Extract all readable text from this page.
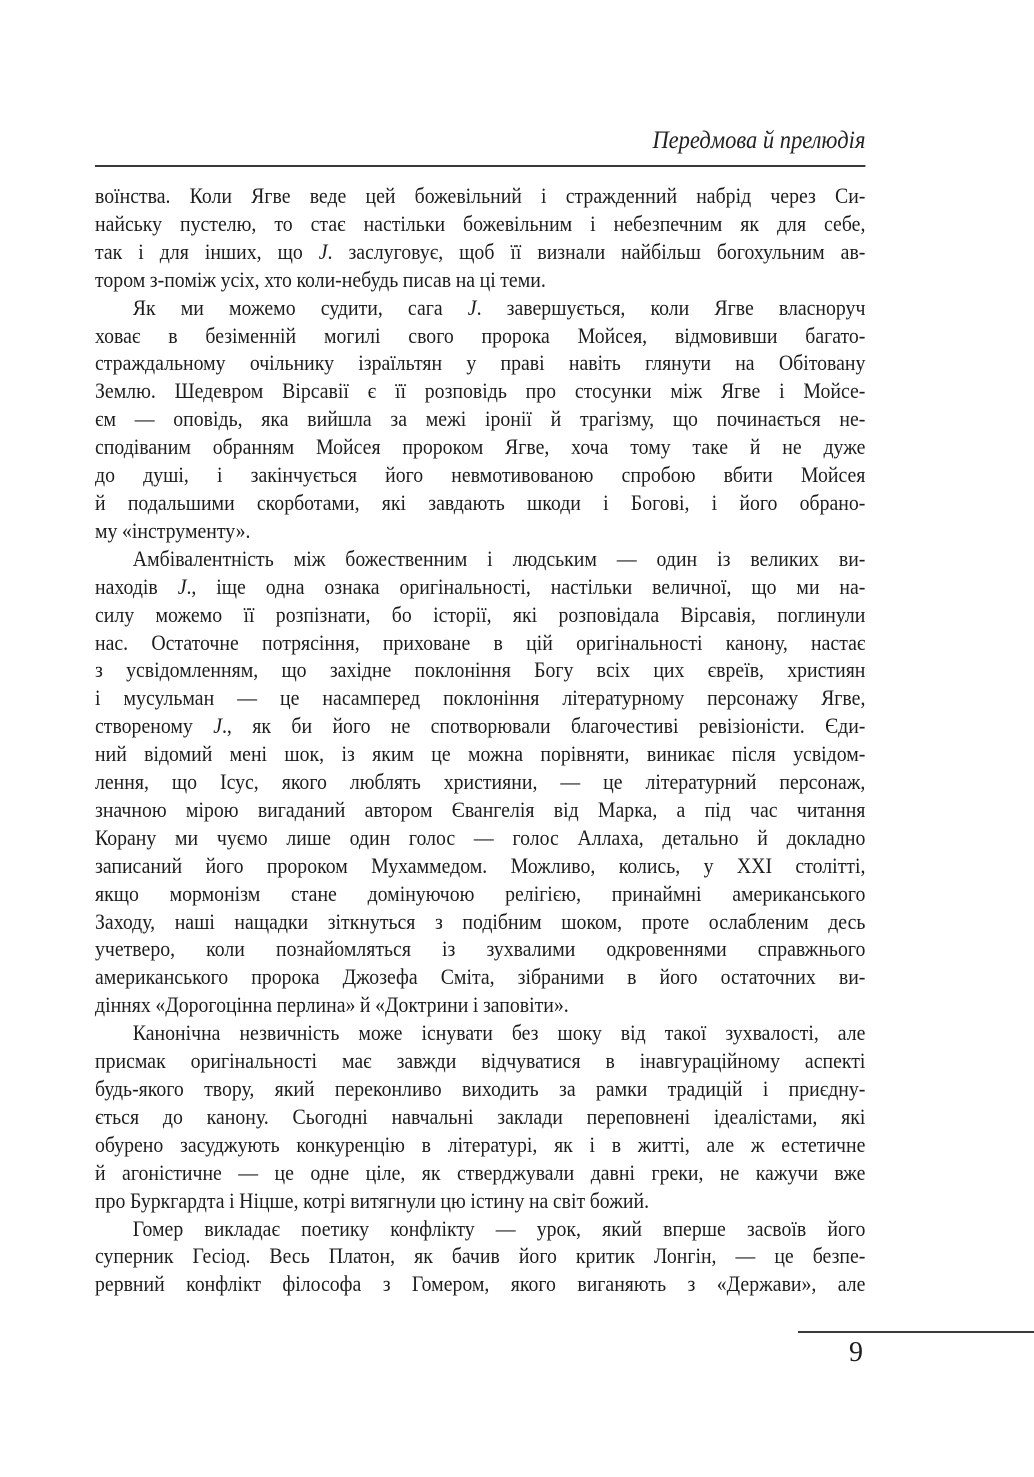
Передмова й прелюдія
воїнства. Коли Ягве веде цей божевільний і стражденний набрід через Си-
найську пустелю, то стає настільки божевільним і небезпечним як для себе,
так і для інших, що J. заслуговує, щоб її визнали найбільш богохульним ав-
тором з-поміж усіх, хто коли-небудь писав на ці теми.
Як ми можемо судити, сага J. завершується, коли Ягве власноруч
ховає в безіменній могилі свого пророка Мойсея, відмовивши багато-
страждальному очільнику ізраїльтян у праві навіть глянути на Обітовану
Землю. Шедевром Вірсавії є її розповідь про стосунки між Ягве і Мойсе-
єм — оповідь, яка вийшла за межі іронії й трагізму, що починається не-
сподіваним обранням Мойсея пророком Ягве, хоча тому таке й не дуже
до душі, і закінчується його невмотивованою спробою вбити Мойсея
й подальшими скорботами, які завдають шкоди і Богові, і його обрано-
му «інструменту».
Амбівалентність між божественним і людським — один із великих ви-
находів J., іще одна ознака оригінальності, настільки величної, що ми на-
силу можемо її розпізнати, бо історії, які розповідала Вірсавія, поглинули
нас. Остаточне потрясіння, приховане в цій оригінальності канону, настає
з усвідомленням, що західне поклоніння Богу всіх цих євреїв, християн
і мусульман — це насамперед поклоніння літературному персонажу Ягве,
створеному J., як би його не спотворювали благочестиві ревізіоністи. Єди-
ний відомий мені шок, із яким це можна порівняти, виникає після усвідом-
лення, що Ісус, якого люблять християни, — це літературний персонаж,
значною мірою вигаданий автором Євангелія від Марка, а під час читання
Корану ми чуємо лише один голос — голос Аллаха, детально й докладно
записаний його пророком Мухаммедом. Можливо, колись, у XXI столітті,
якщо мормонізм стане домінуючою релігією, принаймні американського
Заходу, наші нащадки зіткнуться з подібним шоком, проте ослабленим десь
учетверо, коли познайомляться із зухвалими одкровеннями справжнього
американського пророка Джозефа Сміта, зібраними в його остаточних ви-
діннях «Дорогоцінна перлина» й «Доктрини і заповіти».
Канонічна незвичність може існувати без шоку від такої зухвалості, але
присмак оригінальності має завжди відчуватися в інавгураційному аспекті
будь-якого твору, який переконливо виходить за рамки традицій і приєдну-
ється до канону. Сьогодні навчальні заклади переповнені ідеалістами, які
обурено засуджують конкуренцію в літературі, як і в житті, але ж естетичне
й агоністичне — це одне ціле, як стверджували давні греки, не кажучи вже
про Буркгардта і Ніцше, котрі витягнули цю істину на світ божий.
Гомер викладає поетику конфлікту — урок, який вперше засвоїв його
суперник Гесіод. Весь Платон, як бачив його критик Лонгін, — це безпе-
рервний конфлікт філософа з Гомером, якого виганяють з «Держави», але
9
